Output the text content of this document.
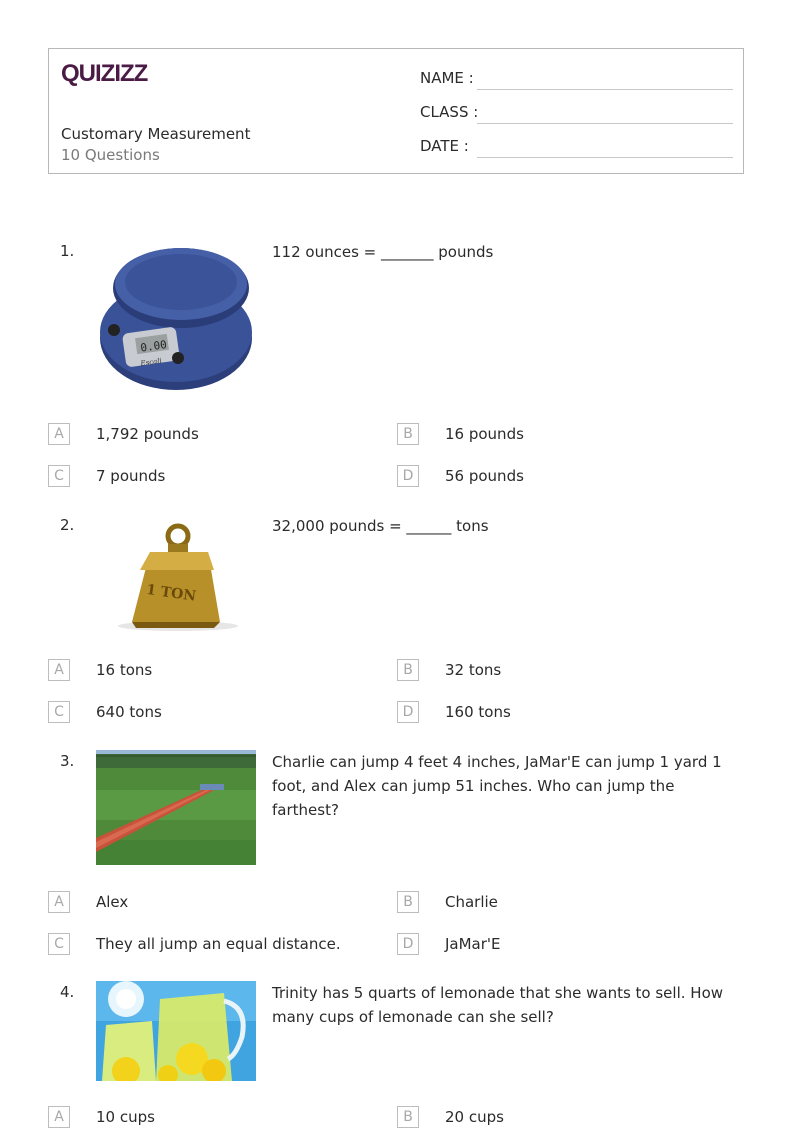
QUIZIZZ
Customary Measurement
10 Questions
NAME :
CLASS :
DATE :
1.
0.00
Escali
112 ounces = _______ pounds
A	1,792 pounds	B	16 pounds
C	7 pounds	D	56 pounds
2.
1 TON
32,000 pounds = ______ tons
A	16 tons	B	32 tons
C	640 tons	D	160 tons
3.	Charlie can jump 4 feet 4 inches, JaMar'E can jump 1 yard 1 foot, and Alex can jump 51 inches. Who can jump the farthest?
A	Alex	B	Charlie
C	They all jump an equal distance.	D	JaMar'E
4.	Trinity has 5 quarts of lemonade that she wants to sell. How many cups of lemonade can she sell?
A	10 cups	B	20 cups
